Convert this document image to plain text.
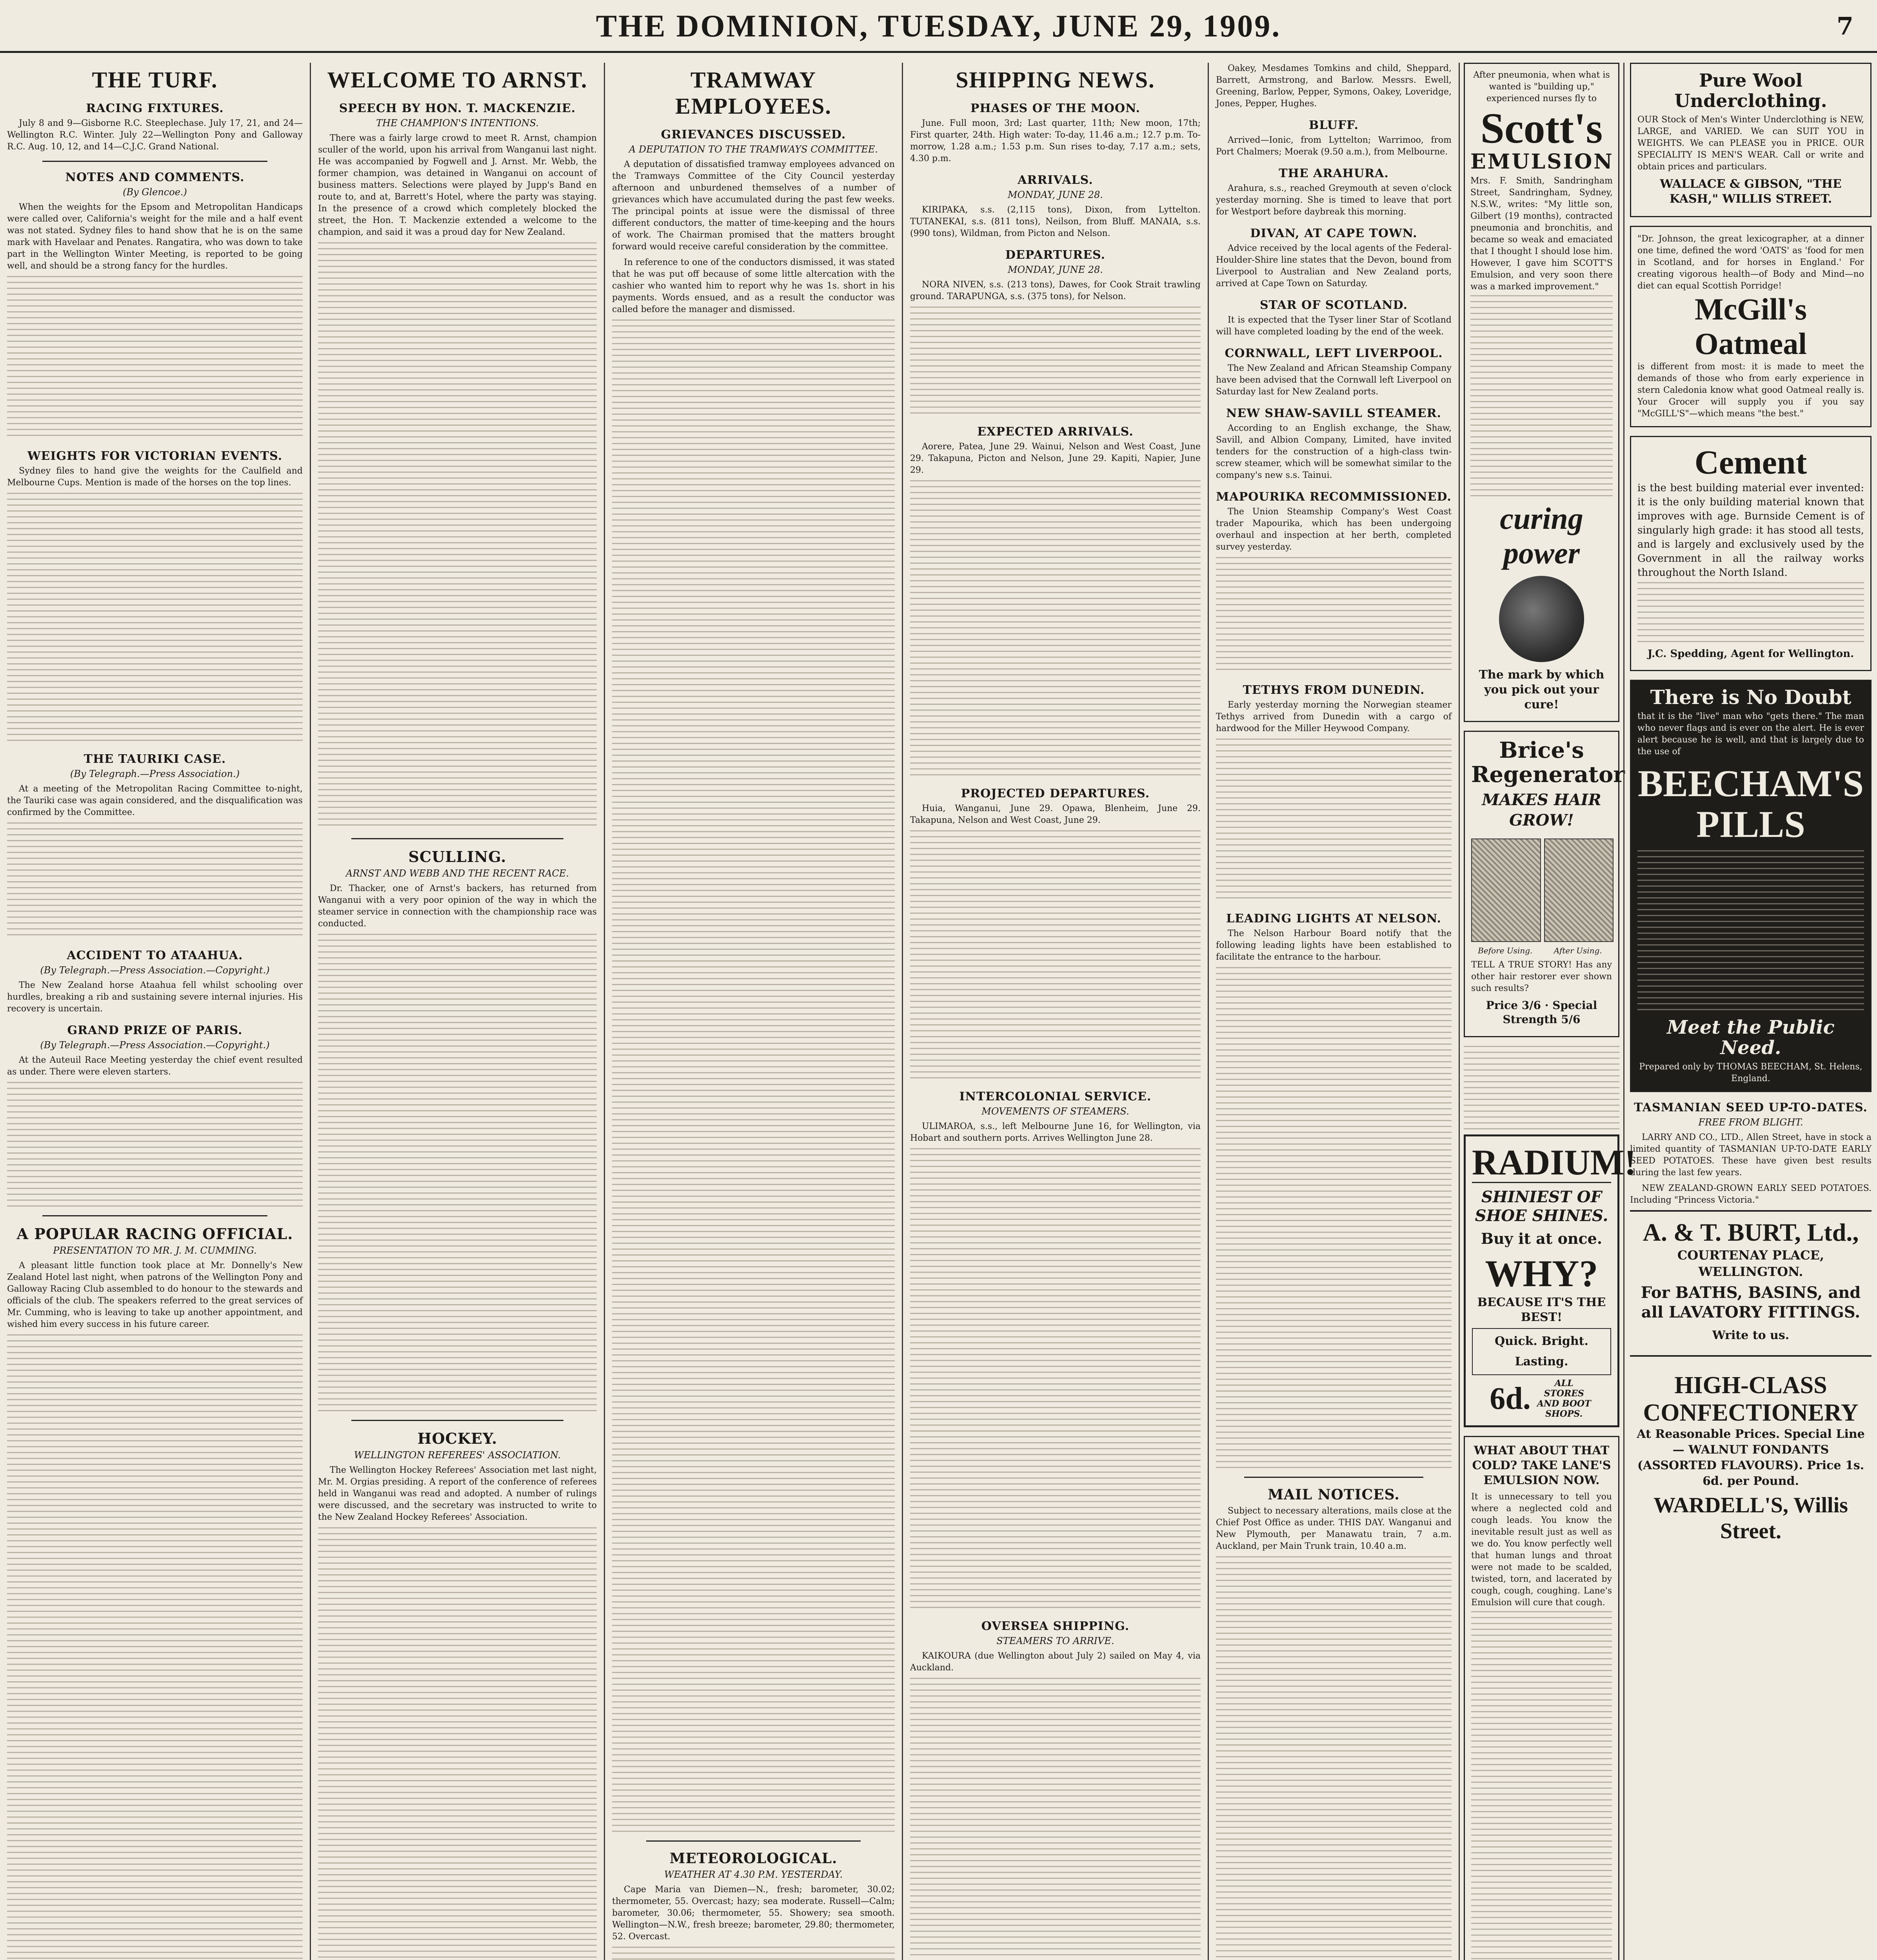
THE DOMINION, TUESDAY, JUNE 29, 1909.	7
THE TURF.
RACING FIXTURES.

July 8 and 9—Gisborne R.C. Steeplechase. July 17, 21, and 24—Wellington R.C. Winter. July 22—Wellington Pony and Galloway R.C. Aug. 10, 12, and 14—C.J.C. Grand National.

NOTES AND COMMENTS.
(By Glencoe.)

When the weights for the Epsom and Metropolitan Handicaps were called over, California's weight for the mile and a half event was not stated. Sydney files to hand show that he is on the same mark with Havelaar and Penates. Rangatira, who was down to take part in the Wellington Winter Meeting, is reported to be going well, and should be a strong fancy for the hurdles.

WEIGHTS FOR VICTORIAN EVENTS.

Sydney files to hand give the weights for the Caulfield and Melbourne Cups. Mention is made of the horses on the top lines.

THE TAURIKI CASE.
(By Telegraph.—Press Association.)

At a meeting of the Metropolitan Racing Committee to-night, the Tauriki case was again considered, and the disqualification was confirmed by the Committee.

ACCIDENT TO ATAAHUA.
(By Telegraph.—Press Association.—Copyright.)

The New Zealand horse Ataahua fell whilst schooling over hurdles, breaking a rib and sustaining severe internal injuries. His recovery is uncertain.

GRAND PRIZE OF PARIS.
(By Telegraph.—Press Association.—Copyright.)

At the Auteuil Race Meeting yesterday the chief event resulted as under. There were eleven starters.

A POPULAR RACING OFFICIAL.
PRESENTATION TO MR. J. M. CUMMING.

A pleasant little function took place at Mr. Donnelly's New Zealand Hotel last night, when patrons of the Wellington Pony and Galloway Racing Club assembled to do honour to the stewards and officials of the club. The speakers referred to the great services of Mr. Cumming, who is leaving to take up another appointment, and wished him every success in his future career.

WELCOME TO ARNST.
SPEECH BY HON. T. MACKENZIE.
THE CHAMPION'S INTENTIONS.

There was a fairly large crowd to meet R. Arnst, champion sculler of the world, upon his arrival from Wanganui last night. He was accompanied by Fogwell and J. Arnst. Mr. Webb, the former champion, was detained in Wanganui on account of business matters. Selections were played by Jupp's Band en route to, and at, Barrett's Hotel, where the party was staying. In the presence of a crowd which completely blocked the street, the Hon. T. Mackenzie extended a welcome to the champion, and said it was a proud day for New Zealand.

SCULLING.
ARNST AND WEBB AND THE RECENT RACE.

Dr. Thacker, one of Arnst's backers, has returned from Wanganui with a very poor opinion of the way in which the steamer service in connection with the championship race was conducted.

HOCKEY.
WELLINGTON REFEREES' ASSOCIATION.

The Wellington Hockey Referees' Association met last night, Mr. M. Orgias presiding. A report of the conference of referees held in Wanganui was read and adopted. A number of rulings were discussed, and the secretary was instructed to write to the New Zealand Hockey Referees' Association.

TRAMWAY EMPLOYEES.
GRIEVANCES DISCUSSED.
A DEPUTATION TO THE TRAMWAYS COMMITTEE.

A deputation of dissatisfied tramway employees advanced on the Tramways Committee of the City Council yesterday afternoon and unburdened themselves of a number of grievances which have accumulated during the past few weeks. The principal points at issue were the dismissal of three different conductors, the matter of time-keeping and the hours of work. The Chairman promised that the matters brought forward would receive careful consideration by the committee.

In reference to one of the conductors dismissed, it was stated that he was put off because of some little altercation with the cashier who wanted him to report why he was 1s. short in his payments. Words ensued, and as a result the conductor was called before the manager and dismissed.

METEOROLOGICAL.
WEATHER AT 4.30 P.M. YESTERDAY.

Cape Maria van Diemen—N., fresh; barometer, 30.02; thermometer, 55. Overcast; hazy; sea moderate. Russell—Calm; barometer, 30.06; thermometer, 55. Showery; sea smooth. Wellington—N.W., fresh breeze; barometer, 29.80; thermometer, 52. Overcast.

SHIPPING NEWS.
PHASES OF THE MOON.

June. Full moon, 3rd; Last quarter, 11th; New moon, 17th; First quarter, 24th. High water: To-day, 11.46 a.m.; 12.7 p.m. To-morrow, 1.28 a.m.; 1.53 p.m. Sun rises to-day, 7.17 a.m.; sets, 4.30 p.m.

ARRIVALS.
MONDAY, JUNE 28.

KIRIPAKA, s.s. (2,115 tons), Dixon, from Lyttelton. TUTANEKAI, s.s. (811 tons), Neilson, from Bluff. MANAIA, s.s. (990 tons), Wildman, from Picton and Nelson.

DEPARTURES.
MONDAY, JUNE 28.

NORA NIVEN, s.s. (213 tons), Dawes, for Cook Strait trawling ground. TARAPUNGA, s.s. (375 tons), for Nelson.

EXPECTED ARRIVALS.

Aorere, Patea, June 29. Wainui, Nelson and West Coast, June 29. Takapuna, Picton and Nelson, June 29. Kapiti, Napier, June 29.

PROJECTED DEPARTURES.

Huia, Wanganui, June 29. Opawa, Blenheim, June 29. Takapuna, Nelson and West Coast, June 29.

INTERCOLONIAL SERVICE.
MOVEMENTS OF STEAMERS.

ULIMAROA, s.s., left Melbourne June 16, for Wellington, via Hobart and southern ports. Arrives Wellington June 28.

OVERSEA SHIPPING.
STEAMERS TO ARRIVE.

KAIKOURA (due Wellington about July 2) sailed on May 4, via Auckland.

Oakey, Mesdames Tomkins and child, Sheppard, Barrett, Armstrong, and Barlow. Messrs. Ewell, Greening, Barlow, Pepper, Symons, Oakey, Loveridge, Jones, Pepper, Hughes.

BLUFF.

Arrived—Ionic, from Lyttelton; Warrimoo, from Port Chalmers; Moerak (9.50 a.m.), from Melbourne.

THE ARAHURA.

Arahura, s.s., reached Greymouth at seven o'clock yesterday morning. She is timed to leave that port for Westport before daybreak this morning.

DIVAN, AT CAPE TOWN.

Advice received by the local agents of the Federal-Houlder-Shire line states that the Devon, bound from Liverpool to Australian and New Zealand ports, arrived at Cape Town on Saturday.

STAR OF SCOTLAND.

It is expected that the Tyser liner Star of Scotland will have completed loading by the end of the week.

CORNWALL, LEFT LIVERPOOL.

The New Zealand and African Steamship Company have been advised that the Cornwall left Liverpool on Saturday last for New Zealand ports.

NEW SHAW-SAVILL STEAMER.

According to an English exchange, the Shaw, Savill, and Albion Company, Limited, have invited tenders for the construction of a high-class twin-screw steamer, which will be somewhat similar to the company's new s.s. Tainui.

MAPOURIKA RECOMMISSIONED.

The Union Steamship Company's West Coast trader Mapourika, which has been undergoing overhaul and inspection at her berth, completed survey yesterday.

TETHYS FROM DUNEDIN.

Early yesterday morning the Norwegian steamer Tethys arrived from Dunedin with a cargo of hardwood for the Miller Heywood Company.

LEADING LIGHTS AT NELSON.

The Nelson Harbour Board notify that the following leading lights have been established to facilitate the entrance to the harbour.

MAIL NOTICES.

Subject to necessary alterations, mails close at the Chief Post Office as under. THIS DAY. Wanganui and New Plymouth, per Manawatu train, 7 a.m. Auckland, per Main Trunk train, 10.40 a.m.

After pneumonia, when what is wanted is "building up," experienced nurses fly to
Scott's
EMULSION
Mrs. F. Smith, Sandringham Street, Sandringham, Sydney, N.S.W., writes: "My little son, Gilbert (19 months), contracted pneumonia and bronchitis, and became so weak and emaciated that I thought I should lose him. However, I gave him SCOTT'S Emulsion, and very soon there was a marked improvement."
curing power
The mark by which you pick out your cure!
Brice's Regenerator
MAKES HAIR GROW!
Before Using.	After Using.
TELL A TRUE STORY! Has any other hair restorer ever shown such results?
Price 3/6 · Special Strength 5/6
RADIUM!
SHINIEST OF SHOE SHINES.
Buy it at once.
WHY?
BECAUSE IT'S THE BEST!
Quick. Bright. Lasting.
6d.	ALL STORES AND BOOT SHOPS.
WHAT ABOUT THAT COLD? TAKE LANE'S EMULSION NOW.
It is unnecessary to tell you where a neglected cold and cough leads. You know the inevitable result just as well as we do. You know perfectly well that human lungs and throat were not made to be scalded, twisted, torn, and lacerated by cough, cough, coughing. Lane's Emulsion will cure that cough.
Pure Wool Underclothing.
OUR Stock of Men's Winter Underclothing is NEW, LARGE, and VARIED. We can SUIT YOU in WEIGHTS. We can PLEASE you in PRICE. OUR SPECIALITY IS MEN'S WEAR. Call or write and obtain prices and particulars.
WALLACE & GIBSON, "THE KASH," WILLIS STREET.
"Dr. Johnson, the great lexicographer, at a dinner one time, defined the word 'OATS' as 'food for men in Scotland, and for horses in England.' For creating vigorous health—of Body and Mind—no diet can equal Scottish Porridge!
McGill's Oatmeal
is different from most: it is made to meet the demands of those who from early experience in stern Caledonia know what good Oatmeal really is. Your Grocer will supply you if you say "McGILL'S"—which means "the best."
Cement
is the best building material ever invented: it is the only building material known that improves with age. Burnside Cement is of singularly high grade: it has stood all tests, and is largely and exclusively used by the Government in all the railway works throughout the North Island.
J.C. Spedding, Agent for Wellington.
There is No Doubt
that it is the "live" man who "gets there." The man who never flags and is ever on the alert. He is ever alert because he is well, and that is largely due to the use of
BEECHAM'S PILLS
Meet the Public Need.
Prepared only by THOMAS BEECHAM, St. Helens, England.
TASMANIAN SEED UP-TO-DATES.
FREE FROM BLIGHT.

LARRY AND CO., LTD., Allen Street, have in stock a limited quantity of TASMANIAN UP-TO-DATE EARLY SEED POTATOES. These have given best results during the last few years.

NEW ZEALAND-GROWN EARLY SEED POTATOES. Including "Princess Victoria."

A. & T. BURT, Ltd.,
COURTENAY PLACE, WELLINGTON.
For BATHS, BASINS, and all LAVATORY FITTINGS.
Write to us.
HIGH-CLASS CONFECTIONERY
At Reasonable Prices. Special Line— WALNUT FONDANTS (ASSORTED FLAVOURS). Price 1s. 6d. per Pound.
WARDELL'S, Willis Street.
